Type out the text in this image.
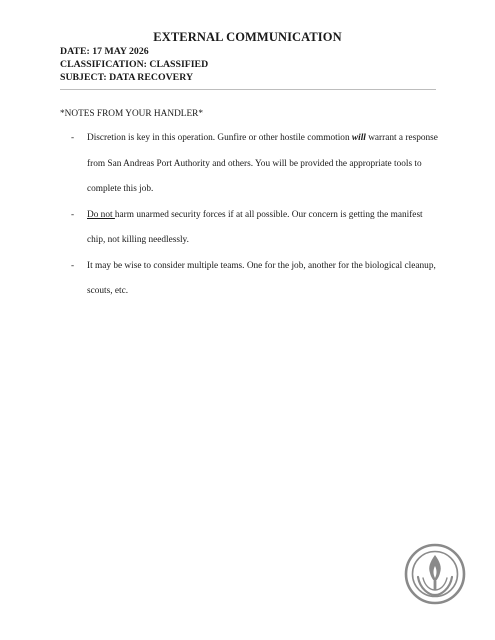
EXTERNAL COMMUNICATION
DATE: 17 MAY 2026
CLASSIFICATION: CLASSIFIED
SUBJECT: DATA RECOVERY
*NOTES FROM YOUR HANDLER*
- Discretion is key in this operation. Gunfire or other hostile commotion will warrant a response from San Andreas Port Authority and others. You will be provided the appropriate tools to complete this job.
- Do not harm unarmed security forces if at all possible. Our concern is getting the manifest chip, not killing needlessly.
- It may be wise to consider multiple teams. One for the job, another for the biological cleanup, scouts, etc.
